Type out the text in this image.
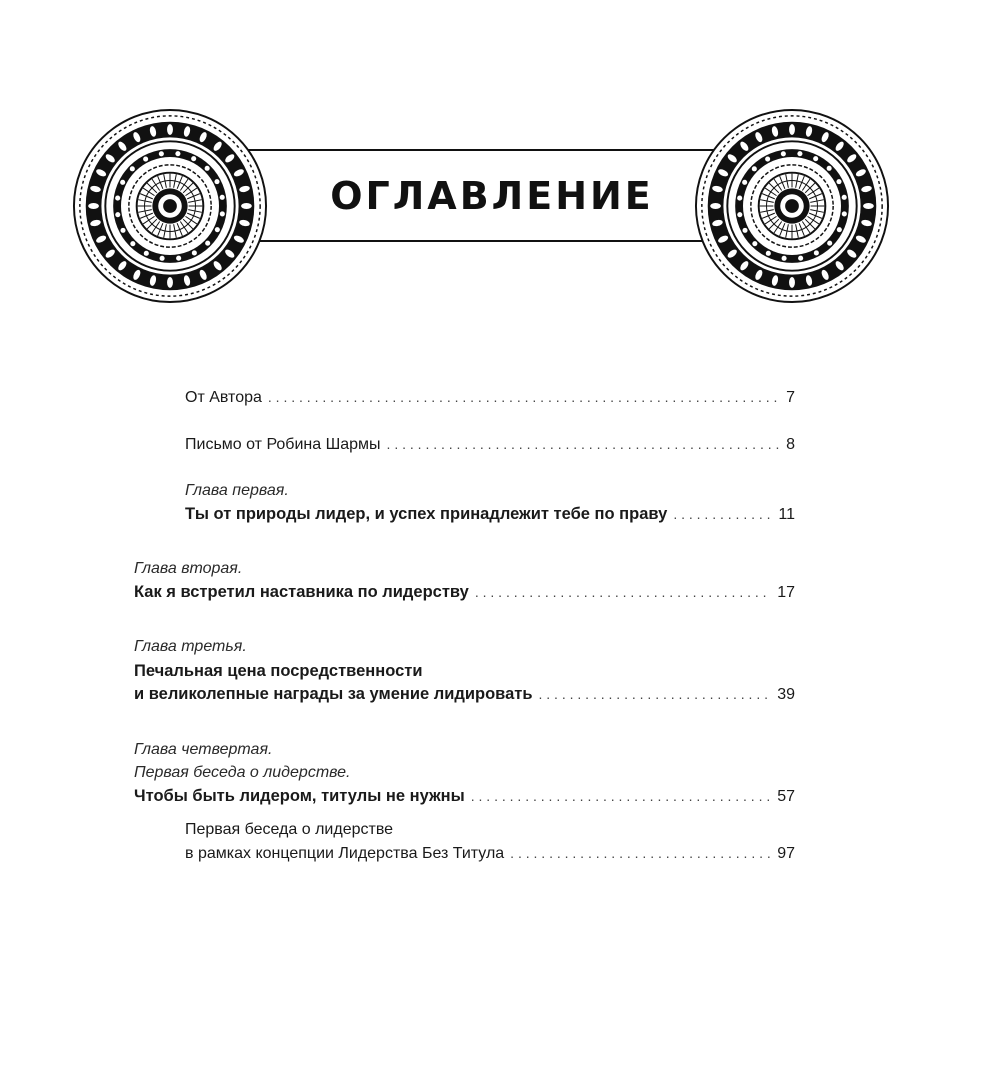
ОГЛАВЛЕНИЕ
От Автора . . .	7
Письмо от Робина Шармы . . .	8
Глава первая.
Ты от природы лидер, и успех принадлежит тебе по праву . . .	11
Глава вторая.
Как я встретил наставника по лидерству . . .	17
Глава третья.
Печальная цена посредственности
и великолепные награды за умение лидировать . . .	39
Глава четвертая.
Первая беседа о лидерстве.
Чтобы быть лидером, титулы не нужны . . .	57
Первая беседа о лидерстве
в рамках концепции Лидерства Без Титула . . .	97
